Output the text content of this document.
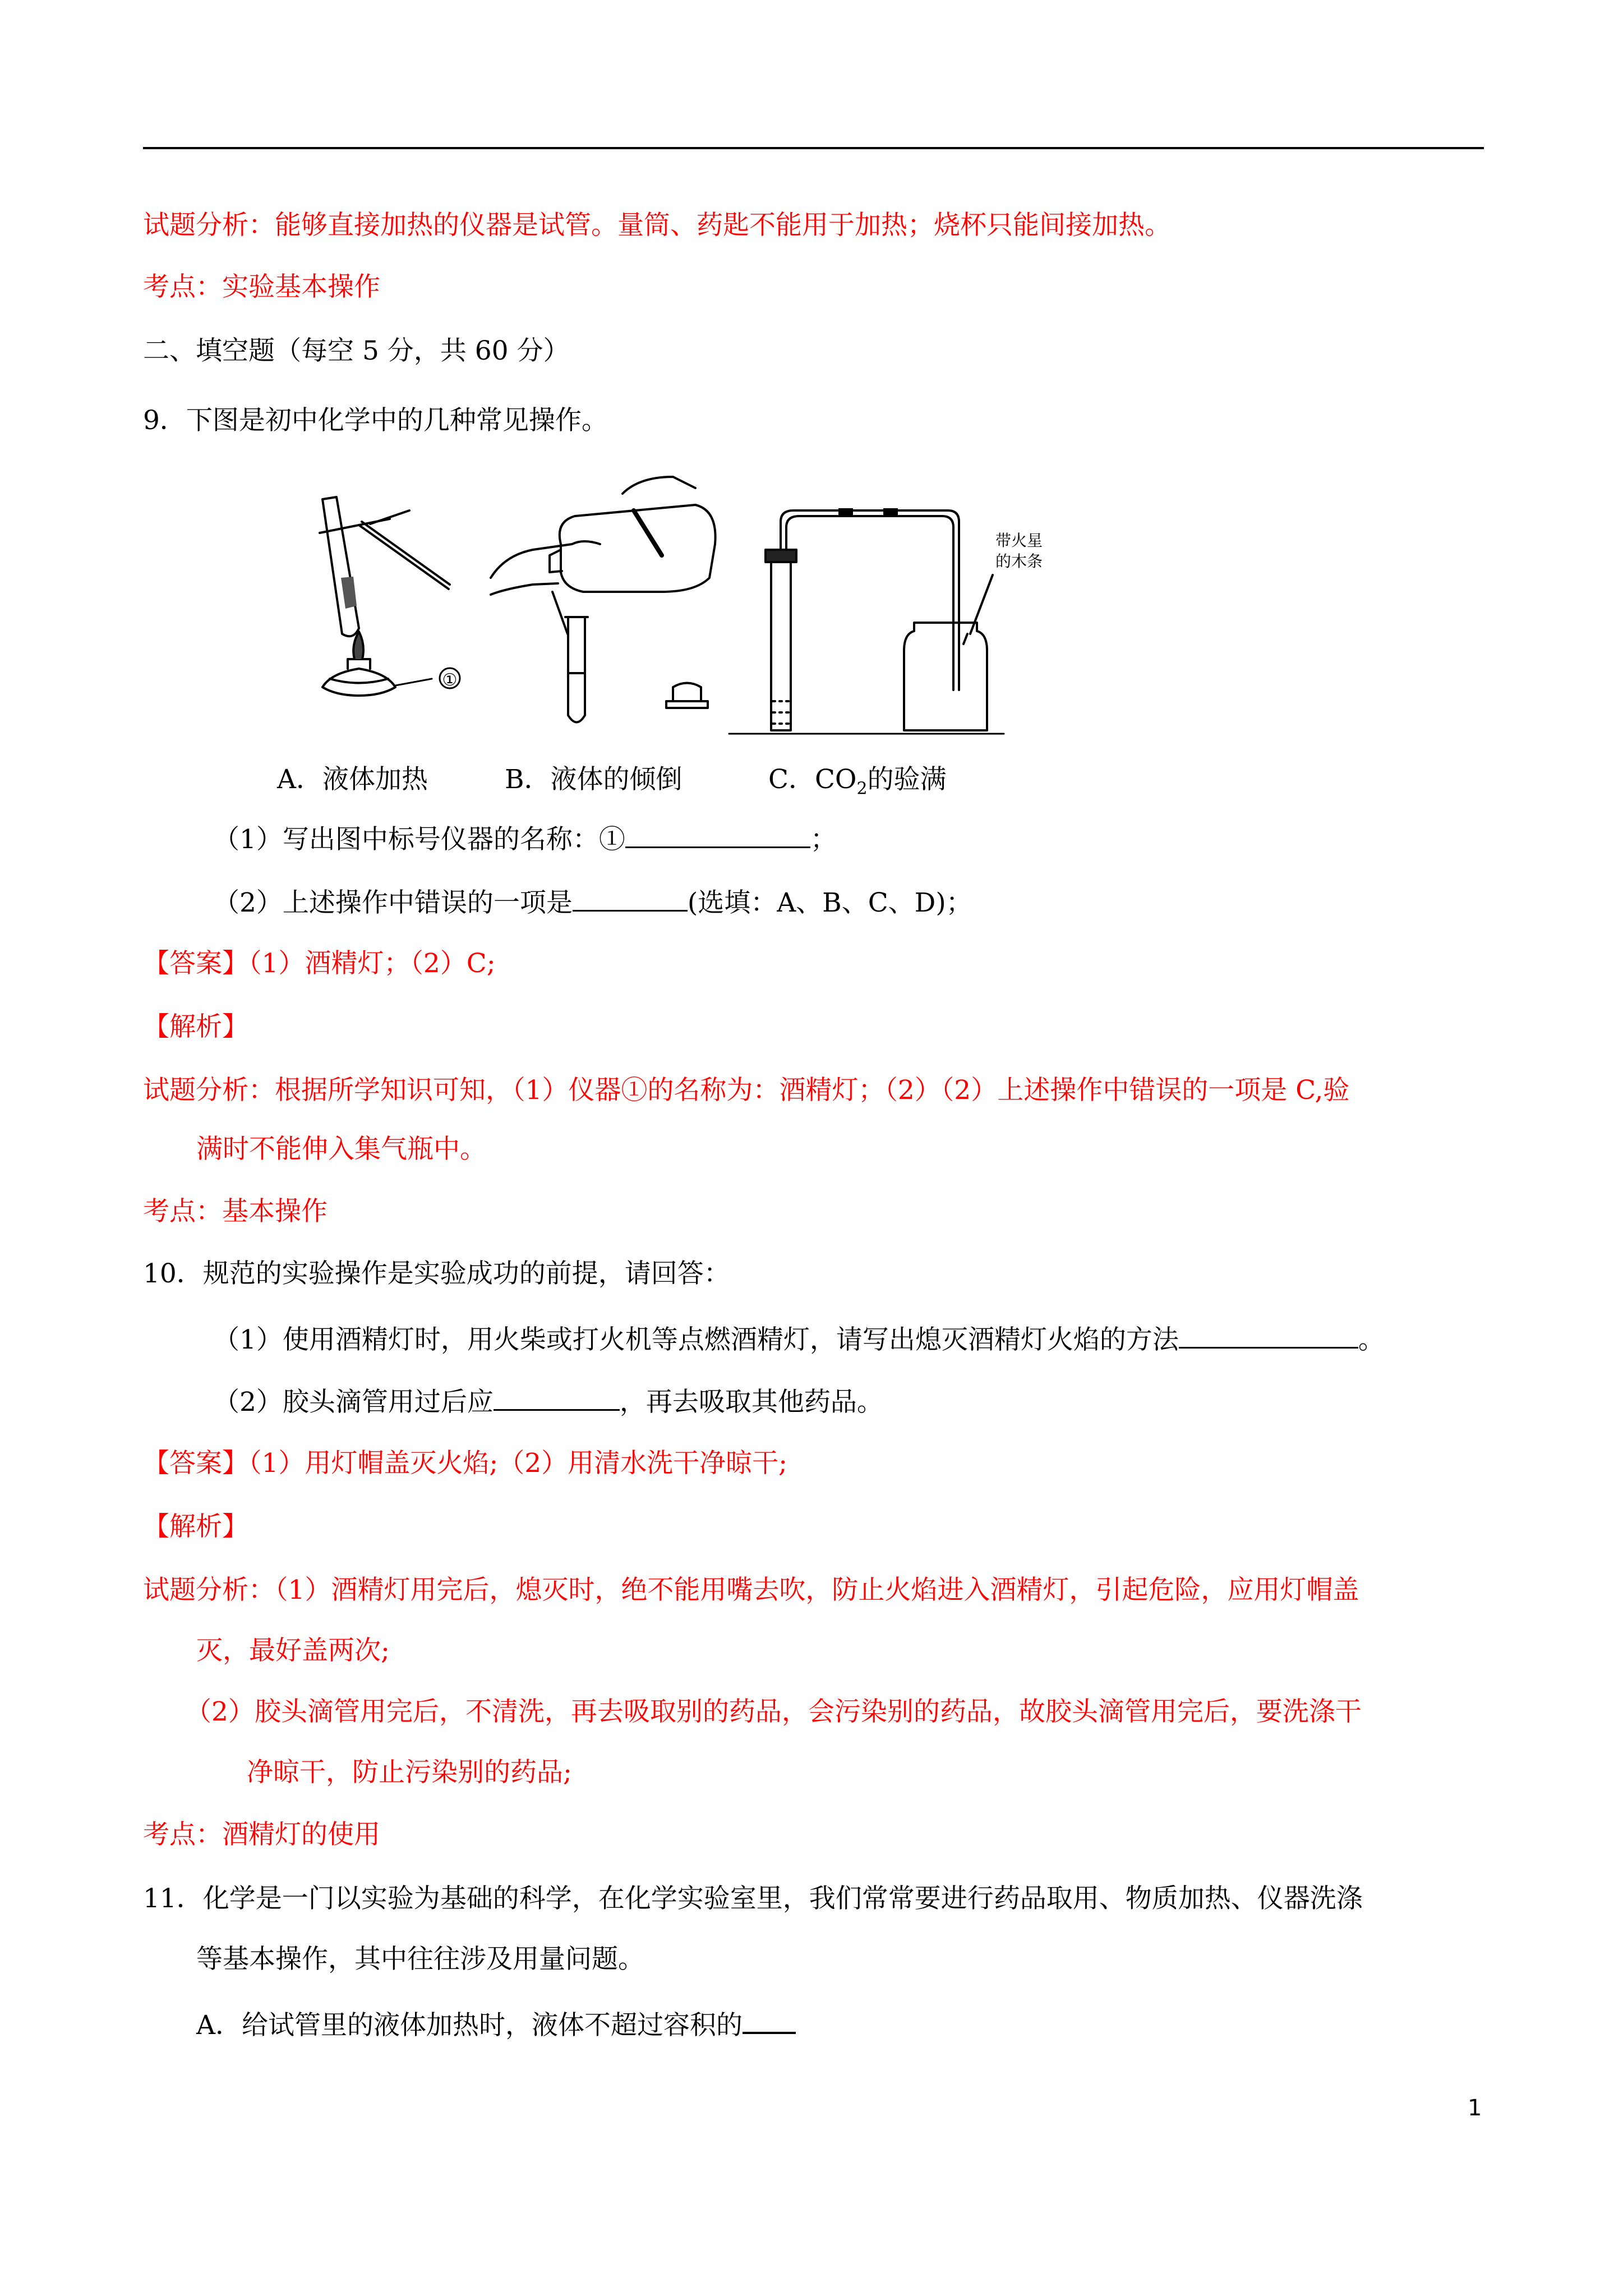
试题分析：能够直接加热的仪器是试管。量筒、药匙不能用于加热；烧杯只能间接加热。
考点：实验基本操作
二、填空题（每空 5 分，共 60 分）
9．下图是初中化学中的几种常见操作。
①
带火星
的木条
A．液体加热	B．液体的倾倒	C．$CO_2$的验满
（1）写出图中标号仪器的名称：①	；
（2）上述操作中错误的一项是	(选填：A、B、C、D)；
【答案】（1）酒精灯；（2）C;
【解析】
试题分析：根据所学知识可知，（1）仪器①的名称为：酒精灯；（2）（2）上述操作中错误的一项是 C,验
满时不能伸入集气瓶中。
考点：基本操作
10．规范的实验操作是实验成功的前提，请回答：
（1）使用酒精灯时，用火柴或打火机等点燃酒精灯，请写出熄灭酒精灯火焰的方法	。
（2）胶头滴管用过后应	，再去吸取其他药品。
【答案】（1）用灯帽盖灭火焰;（2）用清水洗干净晾干;
【解析】
试题分析：（1）酒精灯用完后，熄灭时，绝不能用嘴去吹，防止火焰进入酒精灯，引起危险，应用灯帽盖
灭，最好盖两次;
（2）胶头滴管用完后，不清洗，再去吸取别的药品，会污染别的药品，故胶头滴管用完后，要洗涤干
净晾干，防止污染别的药品;
考点：酒精灯的使用
11．化学是一门以实验为基础的科学，在化学实验室里，我们常常要进行药品取用、物质加热、仪器洗涤
等基本操作，其中往往涉及用量问题。
A．给试管里的液体加热时，液体不超过容积的
1
